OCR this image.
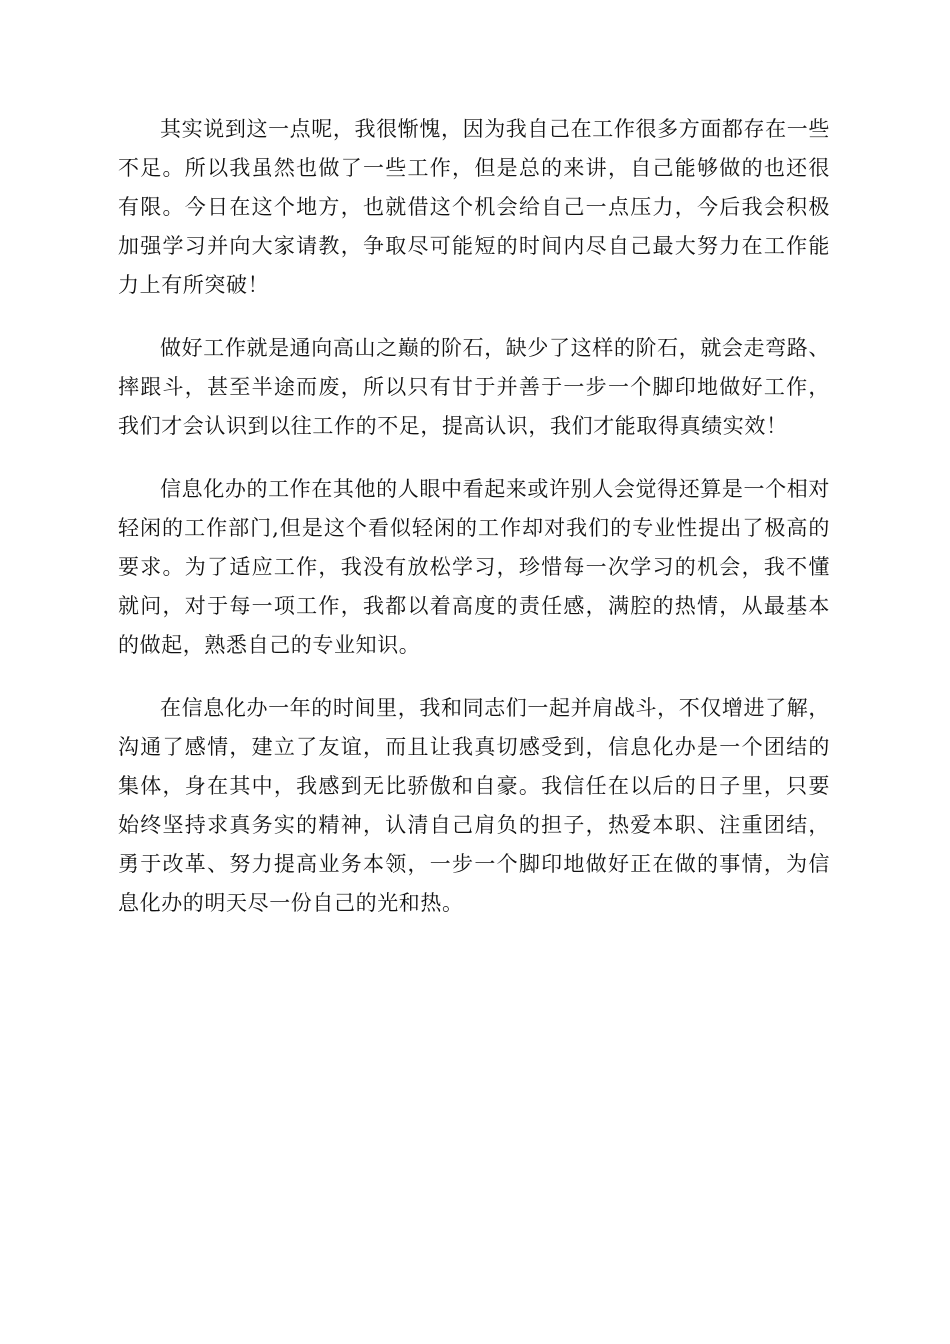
其实说到这一点呢，我很惭愧，因为我自己在工作很多方面都存在一些不足。所以我虽然也做了一些工作，但是总的来讲，自己能够做的也还很有限。今日在这个地方，也就借这个机会给自己一点压力，今后我会积极加强学习并向大家请教，争取尽可能短的时间内尽自己最大努力在工作能力上有所突破！

做好工作就是通向高山之巅的阶石，缺少了这样的阶石，就会走弯路、摔跟斗，甚至半途而废，所以只有甘于并善于一步一个脚印地做好工作，我们才会认识到以往工作的不足，提高认识，我们才能取得真绩实效！

信息化办的工作在其他的人眼中看起来或许别人会觉得还算是一个相对轻闲的工作部门,但是这个看似轻闲的工作却对我们的专业性提出了极高的要求。为了适应工作，我没有放松学习，珍惜每一次学习的机会，我不懂就问，对于每一项工作，我都以着高度的责任感，满腔的热情，从最基本的做起，熟悉自己的专业知识。

在信息化办一年的时间里，我和同志们一起并肩战斗，不仅增进了解，沟通了感情，建立了友谊，而且让我真切感受到，信息化办是一个团结的集体，身在其中，我感到无比骄傲和自豪。我信任在以后的日子里，只要始终坚持求真务实的精神，认清自己肩负的担子，热爱本职、注重团结，勇于改革、努力提高业务本领，一步一个脚印地做好正在做的事情，为信息化办的明天尽一份自己的光和热。
